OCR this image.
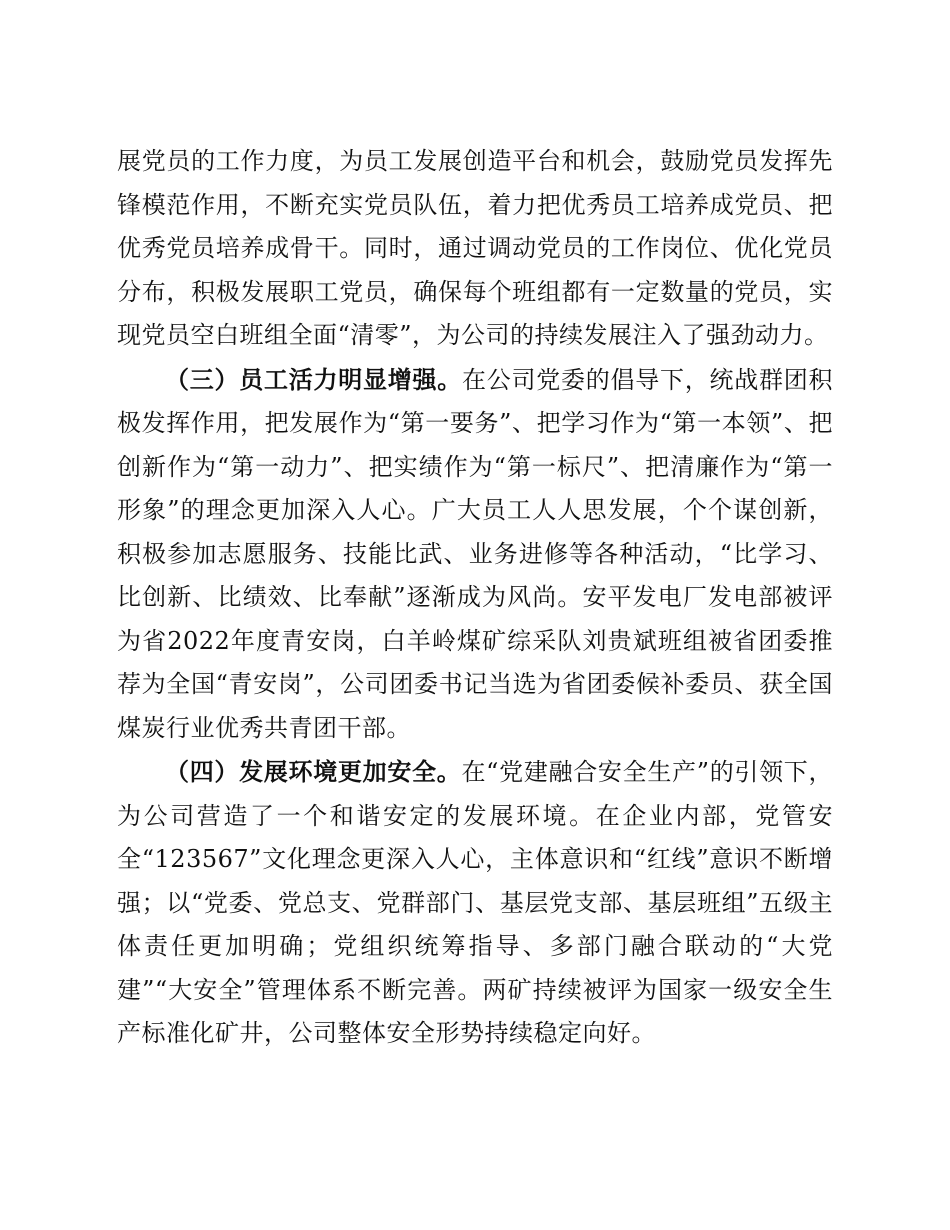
展党员的工作力度，为员工发展创造平台和机会，鼓励党员发挥先锋模范作用，不断充实党员队伍，着力把优秀员工培养成党员、把优秀党员培养成骨干。同时，通过调动党员的工作岗位、优化党员分布，积极发展职工党员，确保每个班组都有一定数量的党员，实现党员空白班组全面“清零”，为公司的持续发展注入了强劲动力。

（三）员工活力明显增强。在公司党委的倡导下，统战群团积极发挥作用，把发展作为“第一要务”、把学习作为“第一本领”、把创新作为“第一动力”、把实绩作为“第一标尺”、把清廉作为“第一形象”的理念更加深入人心。广大员工人人思发展，个个谋创新，积极参加志愿服务、技能比武、业务进修等各种活动，“比学习、比创新、比绩效、比奉献”逐渐成为风尚。安平发电厂发电部被评为省2022年度青安岗，白羊岭煤矿综采队刘贵斌班组被省团委推荐为全国“青安岗”，公司团委书记当选为省团委候补委员、获全国煤炭行业优秀共青团干部。

（四）发展环境更加安全。在“党建融合安全生产”的引领下，为公司营造了一个和谐安定的发展环境。在企业内部，党管安全“123567”文化理念更深入人心，主体意识和“红线”意识不断增强；以“党委、党总支、党群部门、基层党支部、基层班组”五级主体责任更加明确；党组织统筹指导、多部门融合联动的“大党建”“大安全”管理体系不断完善。两矿持续被评为国家一级安全生产标准化矿井，公司整体安全形势持续稳定向好。
